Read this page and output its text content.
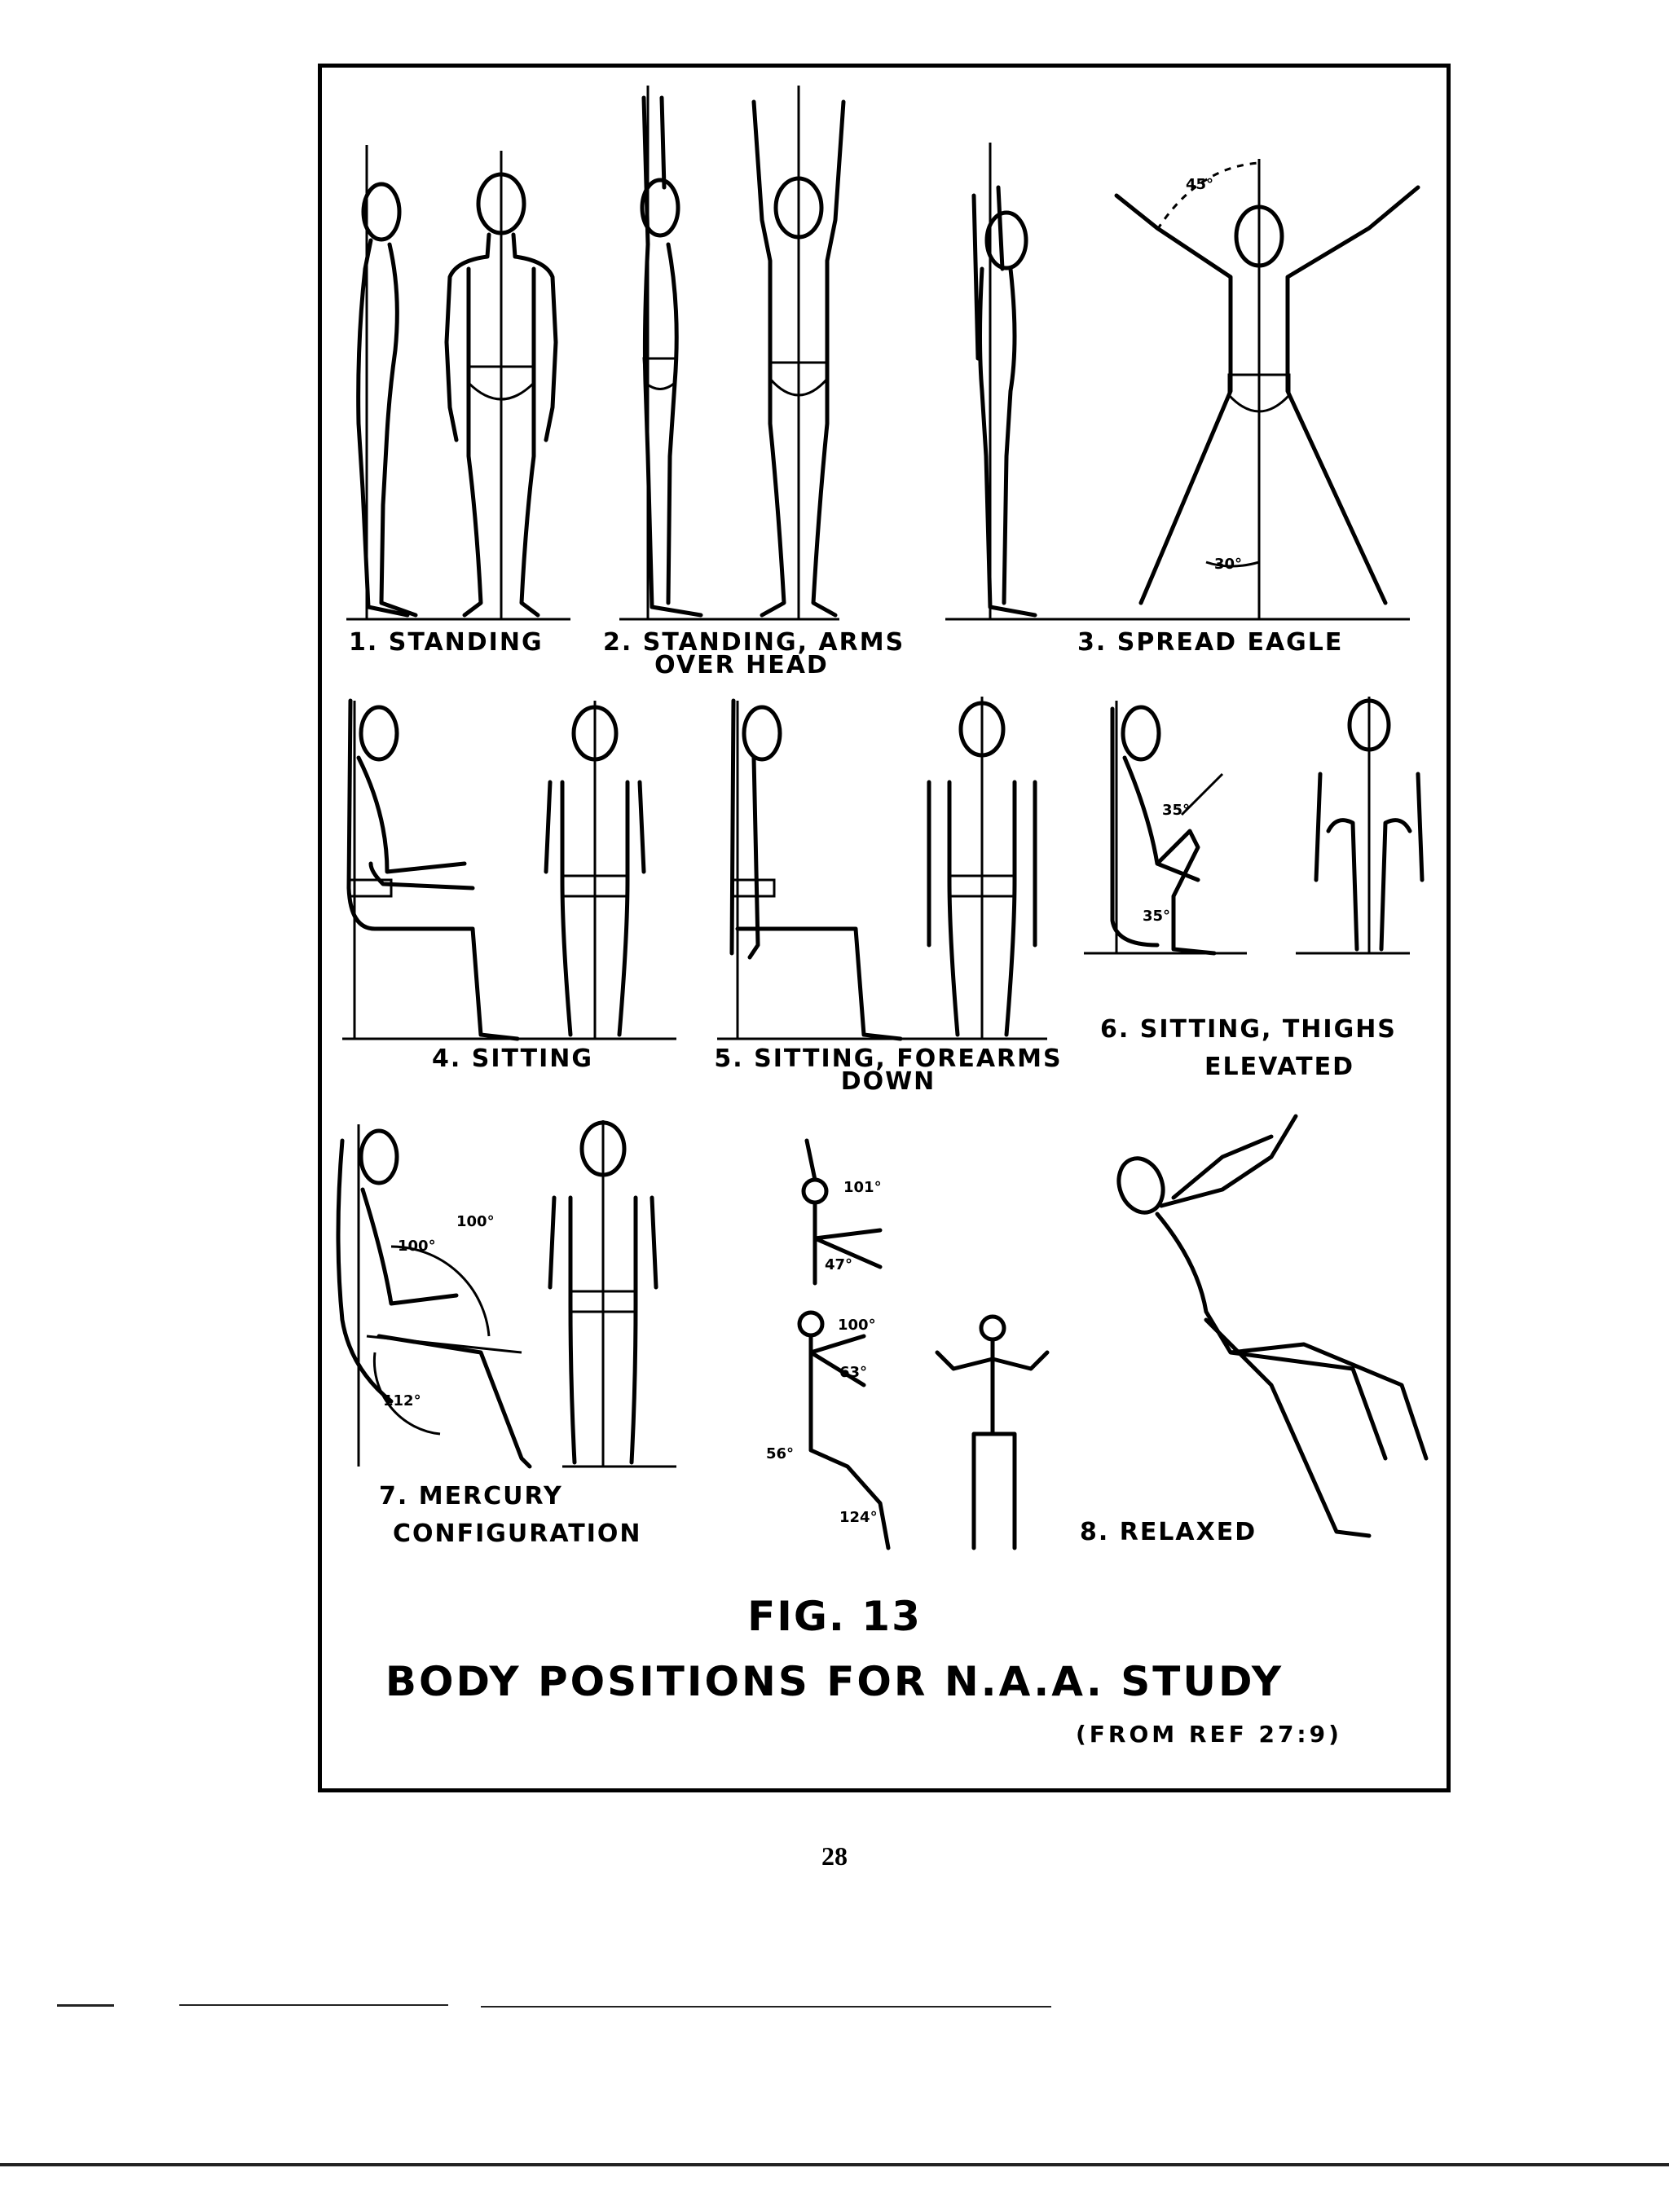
45°
30°
35°
35°
100°
100°
112°
101°
47°
100°
63°
56°
124°
1. STANDING 2. STANDING, ARMS
OVER HEAD
3. SPREAD EAGLE
4. SITTING	5. SITTING, FOREARMS
DOWN
6. SITTING, THIGHS
ELEVATED
7. MERCURY
CONFIGURATION	8. RELAXED
FIG. 13
BODY POSITIONS FOR N.A.A. STUDY
(FROM REF 27:9)
28
